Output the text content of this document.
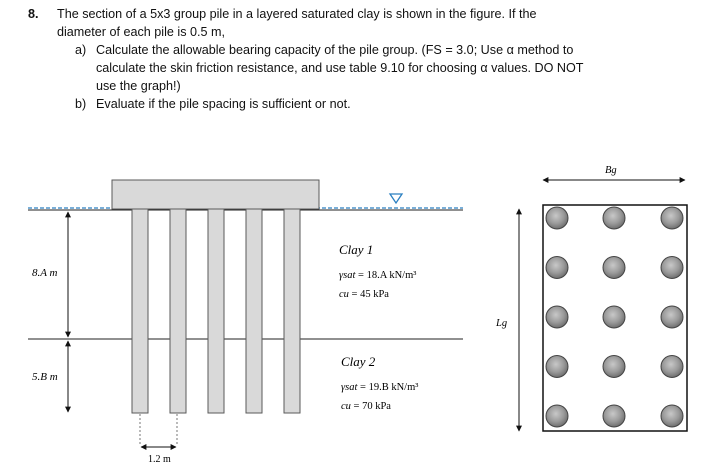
8. The section of a 5x3 group pile in a layered saturated clay is shown in the figure. If the
diameter of each pile is 0.5 m,
a) Calculate the allowable bearing capacity of the pile group. (FS = 3.0; Use α method to
calculate the skin friction resistance, and use table 9.10 for choosing α values. DO NOT
use the graph!)
b) Evaluate if the pile spacing is sufficient or not.
8.A m
5.B m
1.2 m
Clay 1
γsat = 18.A kN/m³
cu = 45 kPa
Clay 2
γsat = 19.B kN/m³
cu = 70 kPa
Bg
Lg
